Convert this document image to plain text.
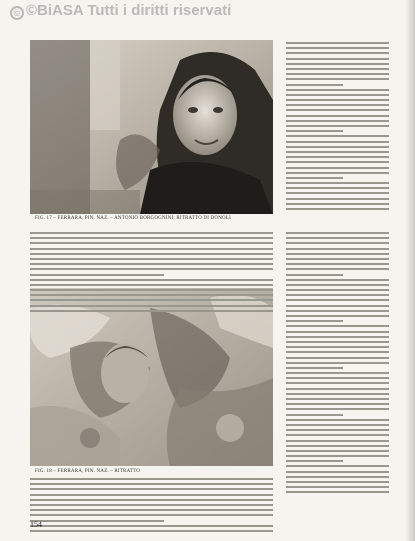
© ©BiASA Tutti i diritti riservati
FIG. 17 – FERRARA, PIN. NAZ. – ANTONIO BORGOGNINI: RITRATTO DI DONOLI
FIG. 18 – FERRARA, PIN. NAZ. – RITRATTO
154
